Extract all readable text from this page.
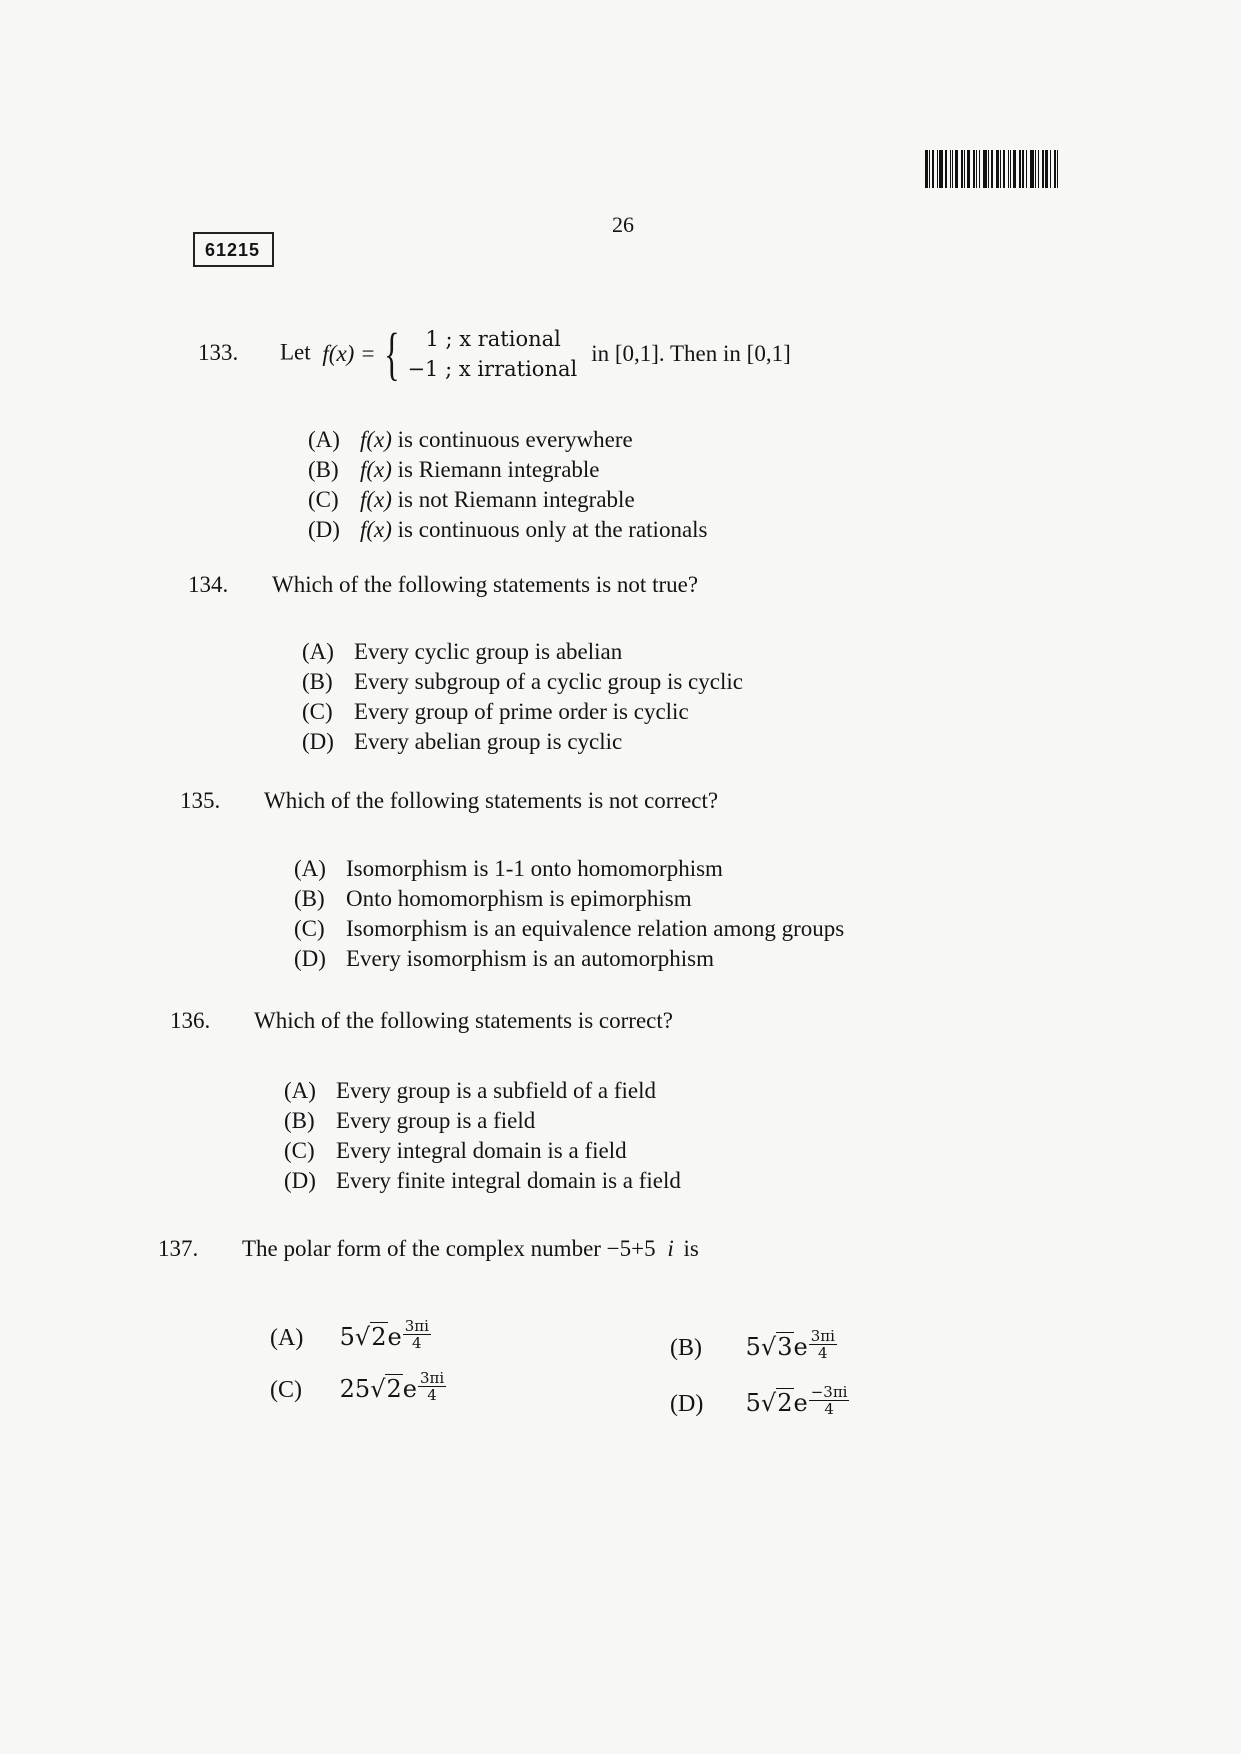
61215
26
133. Let f(x) = {	1 ; x rational
−1 ; x irrational
in [0,1]. Then in [0,1]
(A) f(x)
is continuous everywhere
(B) f(x)
is Riemann integrable
(C) f(x)
is not Riemann integrable
(D) f(x)
is continuous only at the rationals
134. Which of the following statements is not true?
(A) Every cyclic group is abelian
(B) Every subgroup of a cyclic group is cyclic
(C) Every group of prime order is cyclic
(D) Every abelian group is cyclic
135. Which of the following statements is not correct?
(A) Isomorphism is 1-1 onto homomorphism
(B) Onto homomorphism is epimorphism
(C) Isomorphism is an equivalence relation among groups
(D) Every isomorphism is an automorphism
136. Which of the following statements is correct?
(A) Every group is a subfield of a field
(B) Every group is a field
(C) Every integral domain is a field
(D) Every finite integral domain is a field
137. The polar form of the complex number −5+5 i is
(A) $5√2e \frac{3\pi i}{4}$	(B) $5√3e \frac{3\pi i}{4}$
(C) $25√2e \frac{3\pi i}{4}$
(D) $5√2e \frac{-3\pi i}{4}$
